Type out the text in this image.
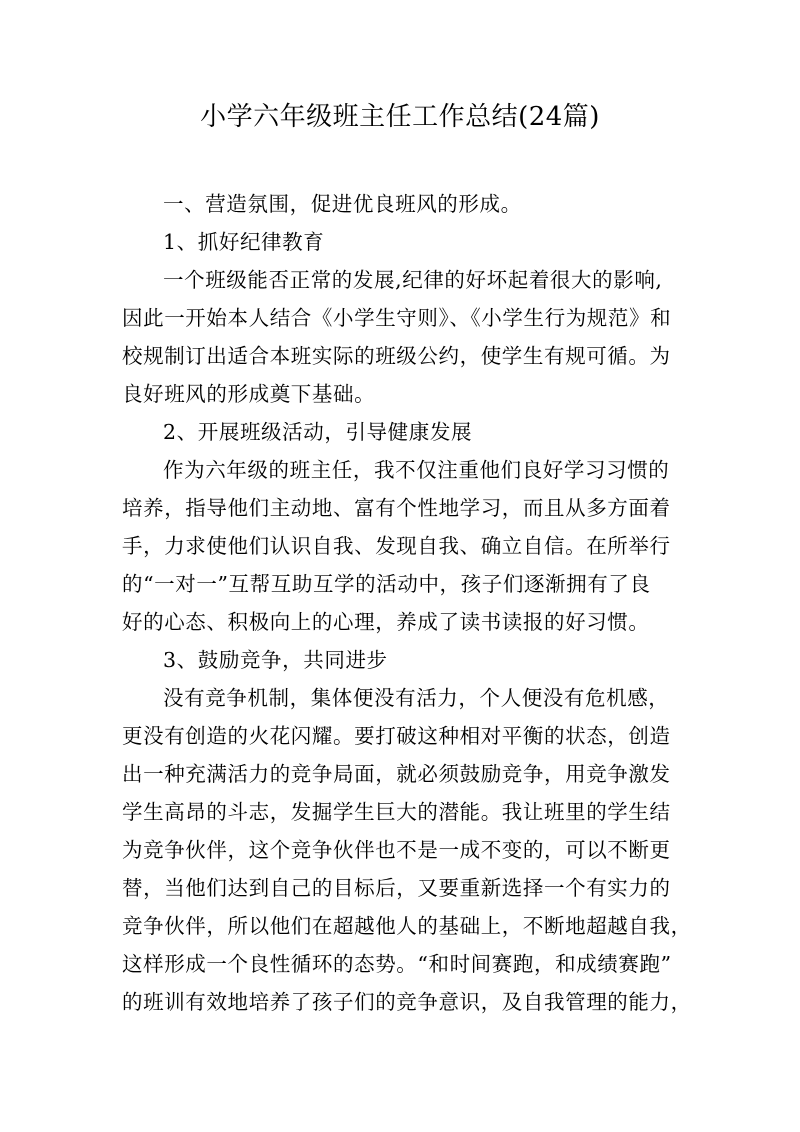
小学六年级班主任工作总结(24篇)
一、营造氛围，促进优良班风的形成。
1、抓好纪律教育
一个班级能否正常的发展,纪律的好坏起着很大的影响,
因此一开始本人结合《小学生守则》、《小学生行为规范》和
校规制订出适合本班实际的班级公约，使学生有规可循。为
良好班风的形成奠下基础。
2、开展班级活动，引导健康发展
作为六年级的班主任，我不仅注重他们良好学习习惯的
培养，指导他们主动地、富有个性地学习，而且从多方面着
手，力求使他们认识自我、发现自我、确立自信。在所举行
的“一对一”互帮互助互学的活动中，孩子们逐渐拥有了良
好的心态、积极向上的心理，养成了读书读报的好习惯。
3、鼓励竞争，共同进步
没有竞争机制，集体便没有活力，个人便没有危机感，
更没有创造的火花闪耀。要打破这种相对平衡的状态，创造
出一种充满活力的竞争局面，就必须鼓励竞争，用竞争激发
学生高昂的斗志，发掘学生巨大的潜能。我让班里的学生结
为竞争伙伴，这个竞争伙伴也不是一成不变的，可以不断更
替，当他们达到自己的目标后，又要重新选择一个有实力的
竞争伙伴，所以他们在超越他人的基础上，不断地超越自我，
这样形成一个良性循环的态势。“和时间赛跑，和成绩赛跑”
的班训有效地培养了孩子们的竞争意识，及自我管理的能力，
